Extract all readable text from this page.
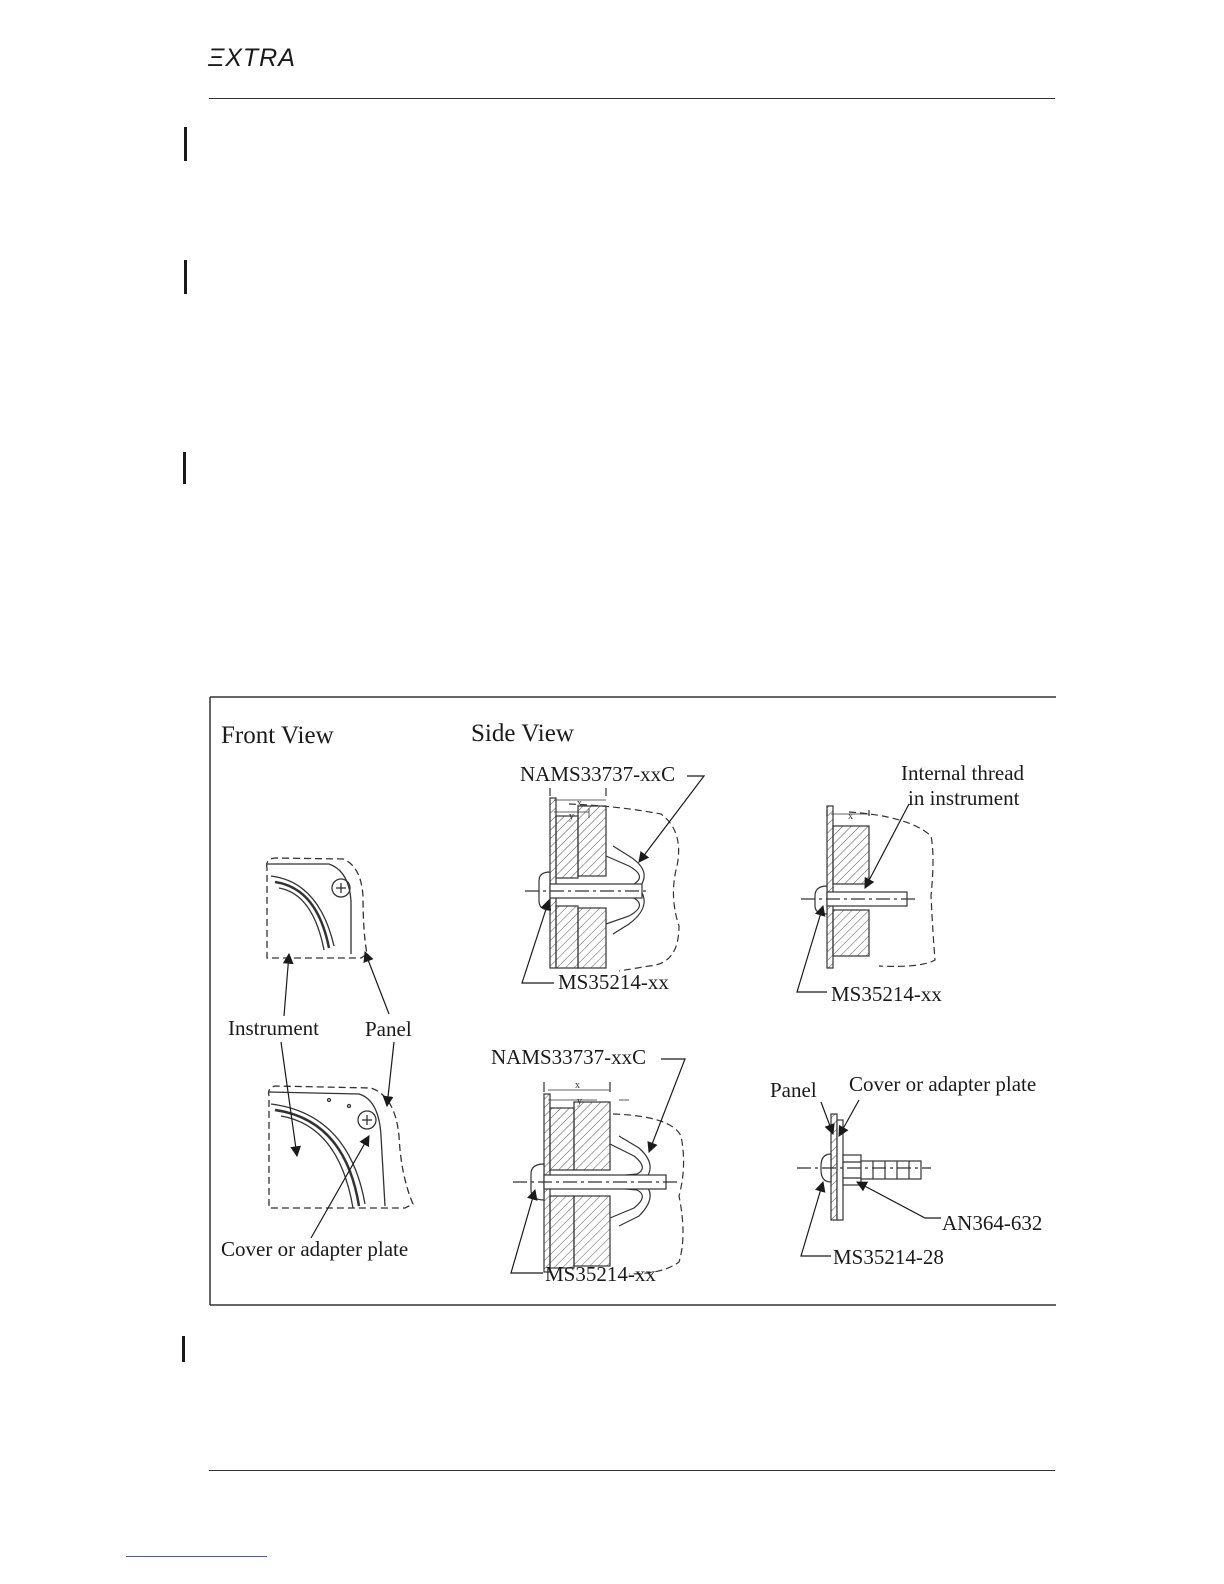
ΞXTRA
x
y	x
x
y
Front View	Side View
Instrument Panel
Cover or adapter plate
NAMS33737-xxC
MS35214-xx
Internal thread
in instrument
MS35214-xx
NAMS33737-xxC
MS35214-xx
Panel Cover or adapter plate
AN364-632
MS35214-28
